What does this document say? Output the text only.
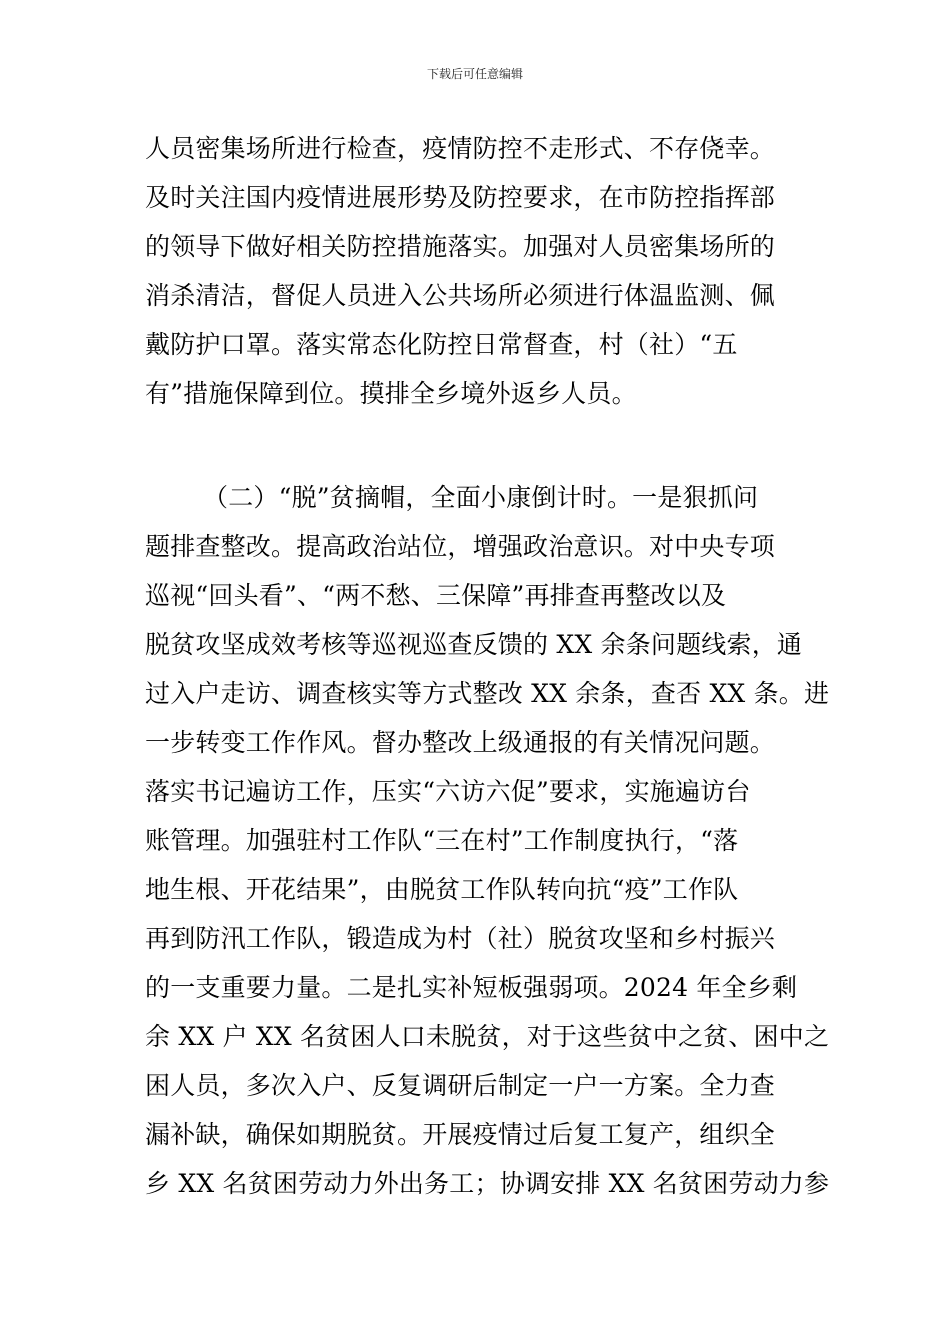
下载后可任意编辑
人员密集场所进行检查，疫情防控不走形式、不存侥幸。
及时关注国内疫情进展形势及防控要求，在市防控指挥部
的领导下做好相关防控措施落实。加强对人员密集场所的
消杀清洁，督促人员进入公共场所必须进行体温监测、佩
戴防护口罩。落实常态化防控日常督查，村（社）“五
有”措施保障到位。摸排全乡境外返乡人员。
（二）“脱”贫摘帽，全面小康倒计时。一是狠抓问
题排查整改。提高政治站位，增强政治意识。对中央专项
巡视“回头看”、“两不愁、三保障”再排查再整改以及
脱贫攻坚成效考核等巡视巡查反馈的 XX 余条问题线索，通
过入户走访、调查核实等方式整改 XX 余条，查否 XX 条。进
一步转变工作作风。督办整改上级通报的有关情况问题。
落实书记遍访工作，压实“六访六促”要求，实施遍访台
账管理。加强驻村工作队“三在村”工作制度执行，“落
地生根、开花结果”，由脱贫工作队转向抗“疫”工作队
再到防汛工作队，锻造成为村（社）脱贫攻坚和乡村振兴
的一支重要力量。二是扎实补短板强弱项。2024 年全乡剩
余 XX 户 XX 名贫困人口未脱贫，对于这些贫中之贫、困中之
困人员，多次入户、反复调研后制定一户一方案。全力查
漏补缺，确保如期脱贫。开展疫情过后复工复产，组织全
乡 XX 名贫困劳动力外出务工；协调安排 XX 名贫困劳动力参
